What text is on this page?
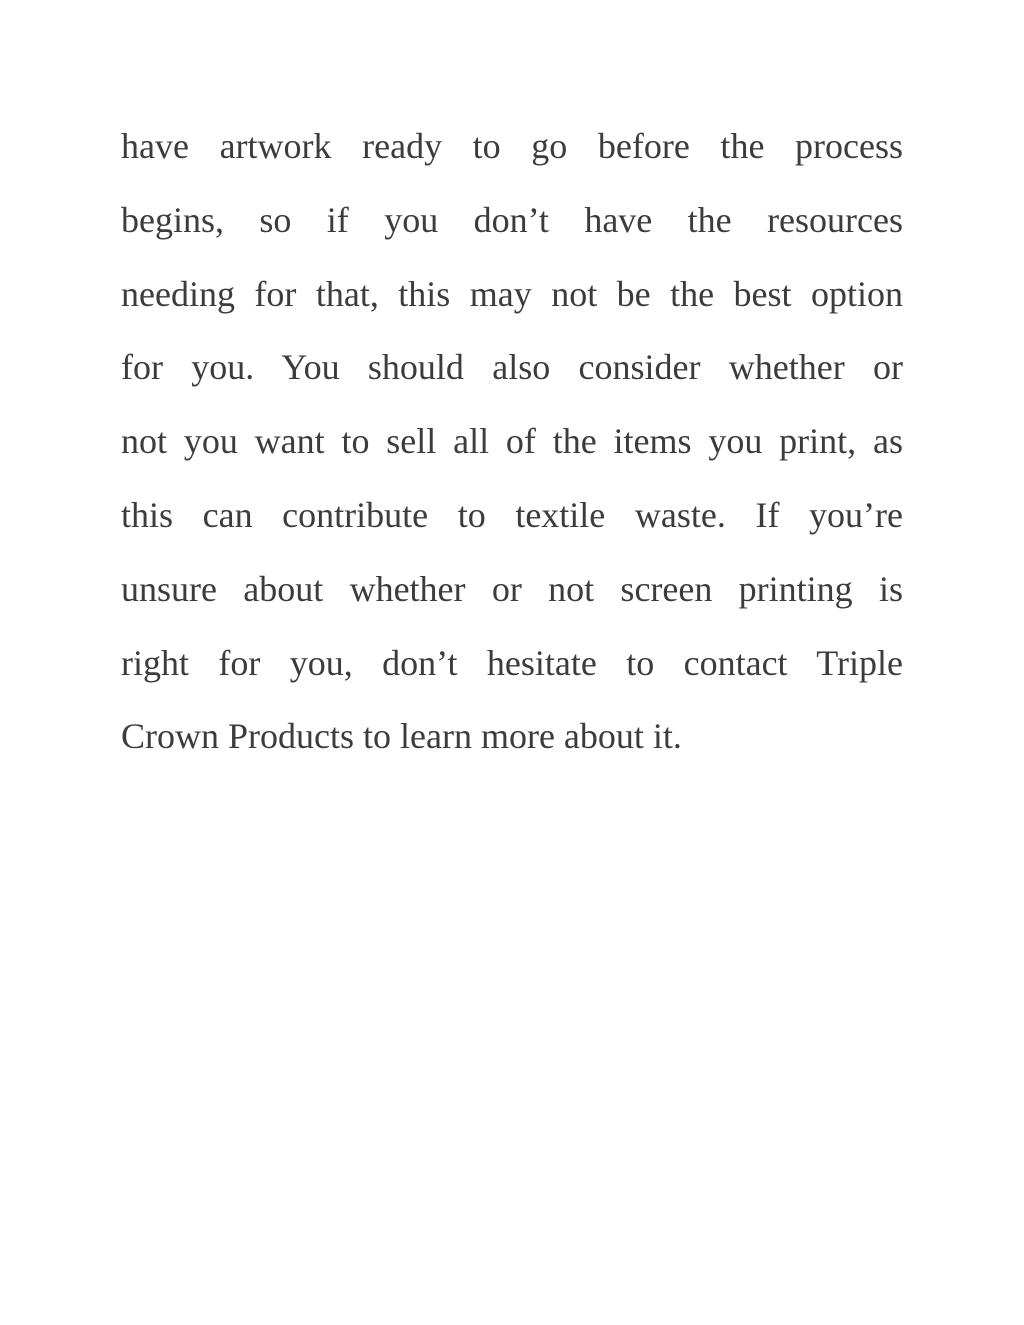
have artwork ready to go before the process
begins, so if you don’t have the resources
needing for that, this may not be the best option
for you. You should also consider whether or
not you want to sell all of the items you print, as
this can contribute to textile waste. If you’re
unsure about whether or not screen printing is
right for you, don’t hesitate to contact Triple
Crown Products to learn more about it.
